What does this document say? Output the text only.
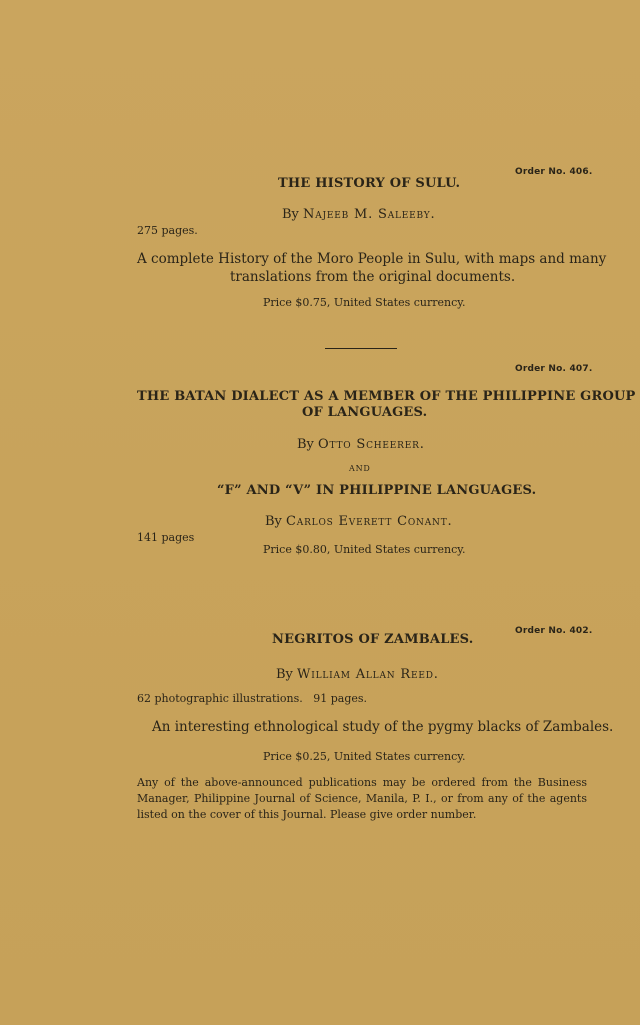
Order No. 406.
THE HISTORY OF SULU.
By Najeeb M. Saleeby.
275 pages.
A complete History of the Moro People in Sulu, with maps and many
translations from the original documents.
Price $0.75, United States currency.
Order No. 407.
THE BATAN DIALECT AS A MEMBER OF THE PHILIPPINE GROUP
OF LANGUAGES.
By Otto Scheerer.
and
“F” AND “V” IN PHILIPPINE LANGUAGES.
By Carlos Everett Conant.
141 pages
Price $0.80, United States currency.
Order No. 402.
NEGRITOS OF ZAMBALES.
By William Allan Reed.
62 photographic illustrations.   91 pages.
An interesting ethnological study of the pygmy blacks of Zambales.
Price $0.25, United States currency.
Any of the above-announced publications may be ordered from the Business Manager, Philippine Journal of Science, Manila, P. I., or from any of the agents listed on the cover of this Journal. Please give order number.
